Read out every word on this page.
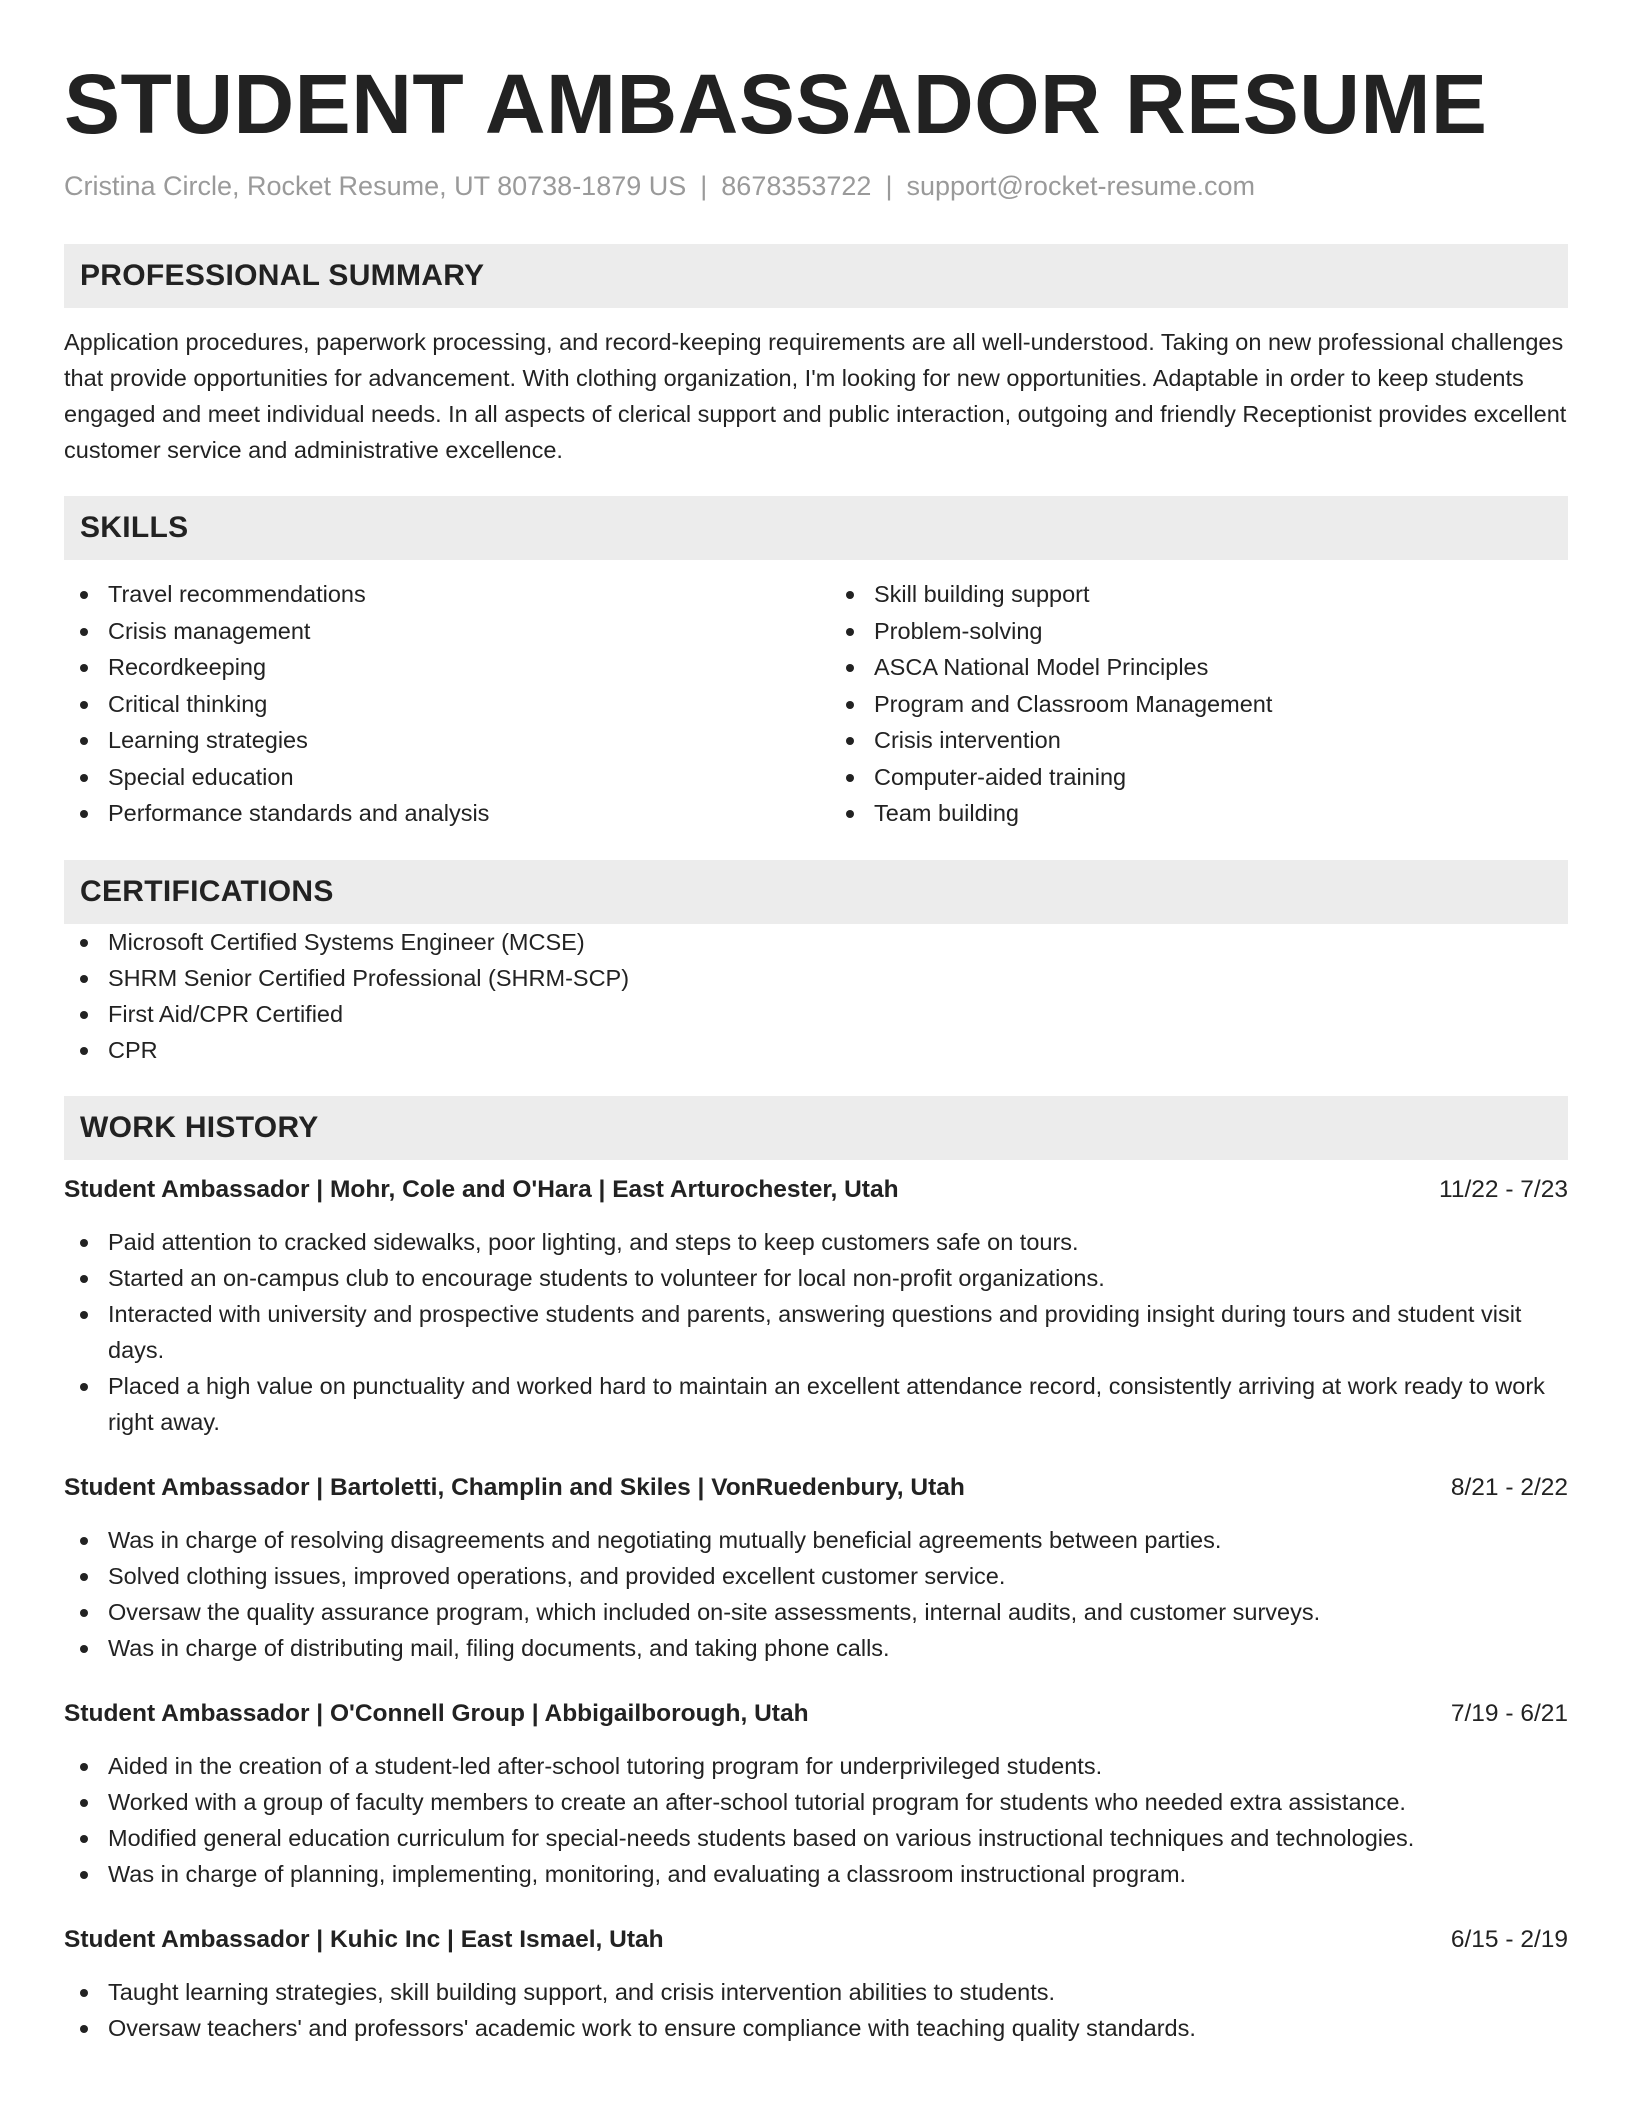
STUDENT AMBASSADOR RESUME
Cristina Circle, Rocket Resume, UT 80738-1879 US | 8678353722 | support@rocket-resume.com
PROFESSIONAL SUMMARY

Application procedures, paperwork processing, and record-keeping requirements are all well-understood. Taking on new professional challenges that provide opportunities for advancement. With clothing organization, I'm looking for new opportunities. Adaptable in order to keep students engaged and meet individual needs. In all aspects of clerical support and public interaction, outgoing and friendly Receptionist provides excellent customer service and administrative excellence.

SKILLS
Travel recommendations
Crisis management
Recordkeeping
Critical thinking
Learning strategies
Special education
Performance standards and analysis
Skill building support
Problem-solving
ASCA National Model Principles
Program and Classroom Management
Crisis intervention
Computer-aided training
Team building
CERTIFICATIONS
Microsoft Certified Systems Engineer (MCSE)
SHRM Senior Certified Professional (SHRM-SCP)
First Aid/CPR Certified
CPR
WORK HISTORY
Student Ambassador | Mohr, Cole and O'Hara | East Arturochester, Utah	11/22 - 7/23
Paid attention to cracked sidewalks, poor lighting, and steps to keep customers safe on tours.
Started an on-campus club to encourage students to volunteer for local non-profit organizations.
Interacted with university and prospective students and parents, answering questions and providing insight during tours and student visit days.
Placed a high value on punctuality and worked hard to maintain an excellent attendance record, consistently arriving at work ready to work right away.
Student Ambassador | Bartoletti, Champlin and Skiles | VonRuedenbury, Utah	8/21 - 2/22
Was in charge of resolving disagreements and negotiating mutually beneficial agreements between parties.
Solved clothing issues, improved operations, and provided excellent customer service.
Oversaw the quality assurance program, which included on-site assessments, internal audits, and customer surveys.
Was in charge of distributing mail, filing documents, and taking phone calls.
Student Ambassador | O'Connell Group | Abbigailborough, Utah	7/19 - 6/21
Aided in the creation of a student-led after-school tutoring program for underprivileged students.
Worked with a group of faculty members to create an after-school tutorial program for students who needed extra assistance.
Modified general education curriculum for special-needs students based on various instructional techniques and technologies.
Was in charge of planning, implementing, monitoring, and evaluating a classroom instructional program.
Student Ambassador | Kuhic Inc | East Ismael, Utah	6/15 - 2/19
Taught learning strategies, skill building support, and crisis intervention abilities to students.
Oversaw teachers' and professors' academic work to ensure compliance with teaching quality standards.
